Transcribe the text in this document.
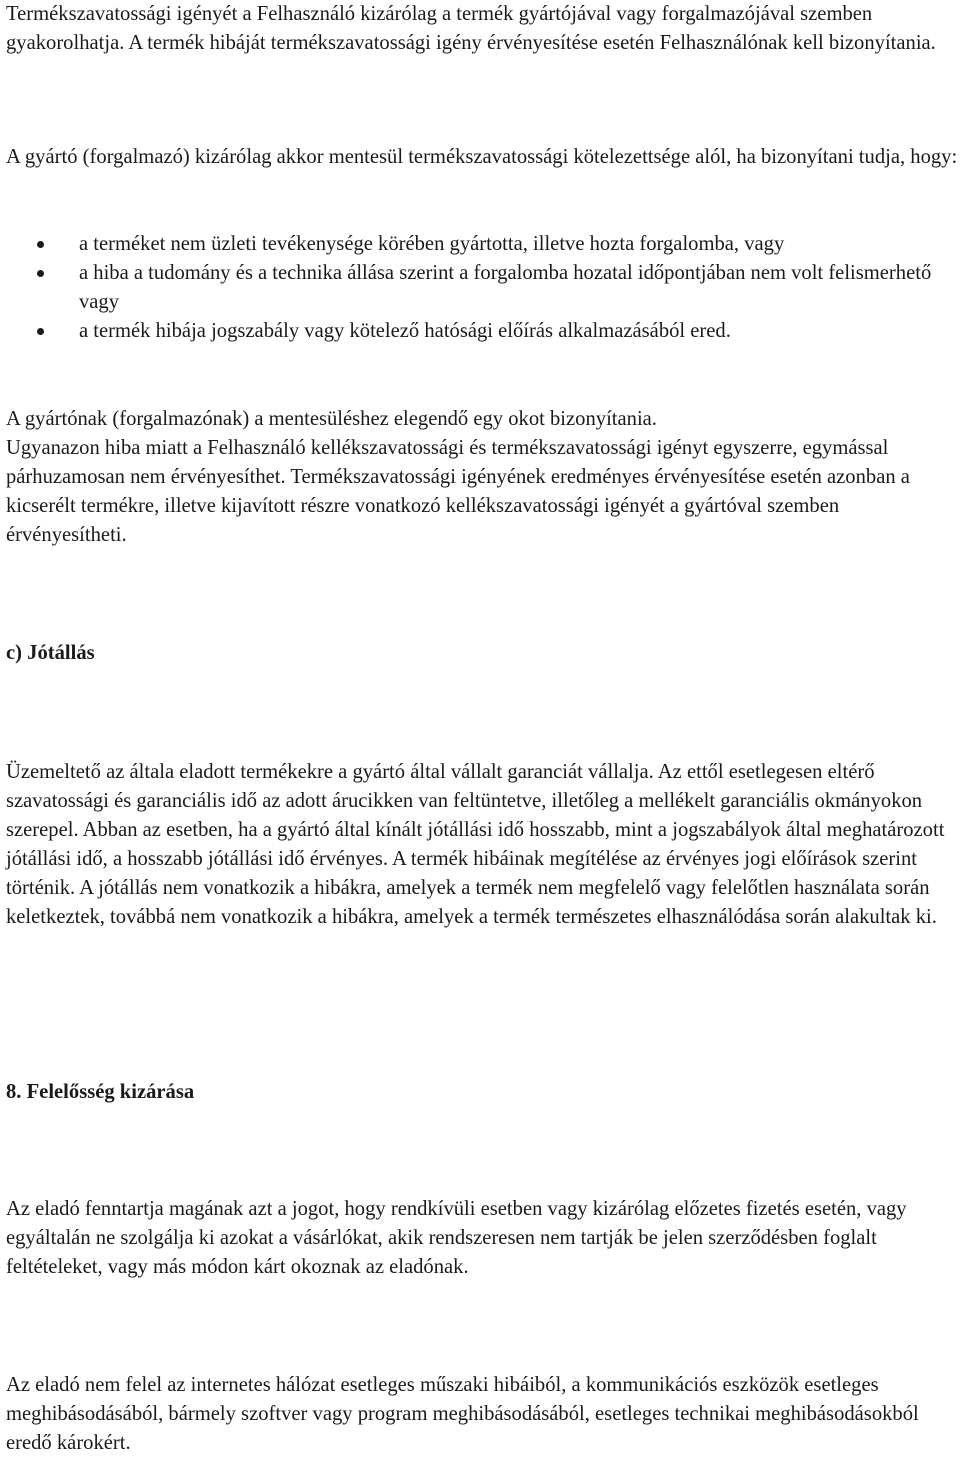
Termékszavatossági igényét a Felhasználó kizárólag a termék gyártójával vagy forgalmazójával szemben gyakorolhatja. A termék hibáját termékszavatossági igény érvényesítése esetén Felhasználónak kell bizonyítania.

A gyártó (forgalmazó) kizárólag akkor mentesül termékszavatossági kötelezettsége alól, ha bizonyítani tudja, hogy:

a terméket nem üzleti tevékenysége körében gyártotta, illetve hozta forgalomba, vagy
a hiba a tudomány és a technika állása szerint a forgalomba hozatal időpontjában nem volt felismerhető vagy
a termék hibája jogszabály vagy kötelező hatósági előírás alkalmazásából ered.

A gyártónak (forgalmazónak) a mentesüléshez elegendő egy okot bizonyítania.

Ugyanazon hiba miatt a Felhasználó kellékszavatossági és termékszavatossági igényt egyszerre, egymással párhuzamosan nem érvényesíthet. Termékszavatossági igényének eredményes érvényesítése esetén azonban a kicserélt termékre, illetve kijavított részre vonatkozó kellékszavatossági igényét a gyártóval szemben érvényesítheti.

c) Jótállás

Üzemeltető az általa eladott termékekre a gyártó által vállalt garanciát vállalja. Az ettől esetlegesen eltérő szavatossági és garanciális idő az adott árucikken van feltüntetve, illetőleg a mellékelt garanciális okmányokon szerepel. Abban az esetben, ha a gyártó által kínált jótállási idő hosszabb, mint a jogszabályok által meghatározott jótállási idő, a hosszabb jótállási idő érvényes. A termék hibáinak megítélése az érvényes jogi előírások szerint történik. A jótállás nem vonatkozik a hibákra, amelyek a termék nem megfelelő vagy felelőtlen használata során keletkeztek, továbbá nem vonatkozik a hibákra, amelyek a termék természetes elhasználódása során alakultak ki.

8. Felelősség kizárása

Az eladó fenntartja magának azt a jogot, hogy rendkívüli esetben vagy kizárólag előzetes fizetés esetén, vagy egyáltalán ne szolgálja ki azokat a vásárlókat, akik rendszeresen nem tartják be jelen szerződésben foglalt feltételeket, vagy más módon kárt okoznak az eladónak.

Az eladó nem felel az internetes hálózat esetleges műszaki hibáiból, a kommunikációs eszközök esetleges meghibásodásából, bármely szoftver vagy program meghibásodásából, esetleges technikai meghibásodásokból eredő károkért.
